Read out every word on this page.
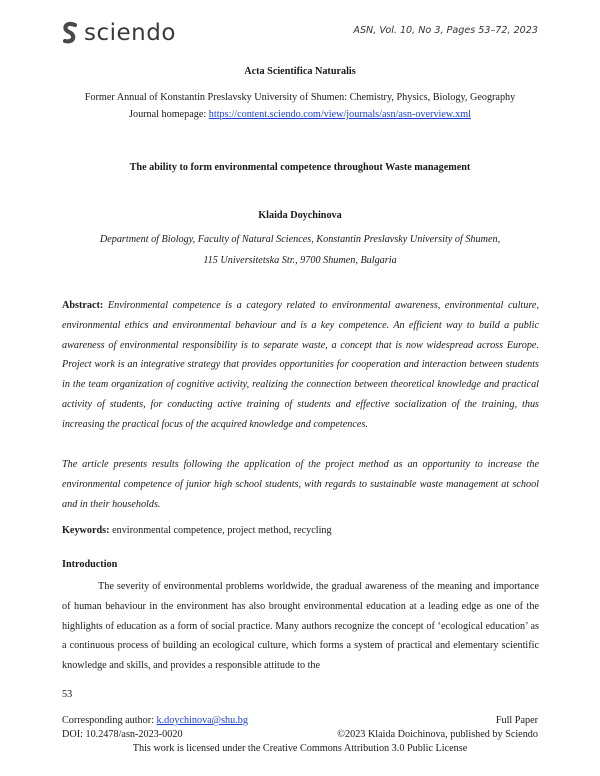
sciendo	ASN, Vol. 10, No 3, Pages 53–72, 2023
Acta Scientifica Naturalis
Former Annual of Konstantin Preslavsky University of Shumen: Chemistry, Physics, Biology, Geography
Journal homepage: https://content.sciendo.com/view/journals/asn/asn-overview.xml
The ability to form environmental competence throughout Waste management
Klaida Doychinova
Department of Biology, Faculty of Natural Sciences, Konstantin Preslavsky University of Shumen,
115 Universitetska Str., 9700 Shumen, Bulgaria
Abstract: Environmental competence is a category related to environmental awareness, environmental culture, environmental ethics and environmental behaviour and is a key competence. An efficient way to build a public awareness of environmental responsibility is to separate waste, a concept that is now widespread across Europe. Project work is an integrative strategy that provides opportunities for cooperation and interaction between students in the team organization of cognitive activity, realizing the connection between theoretical knowledge and practical activity of students, for conducting active training of students and effective socialization of the training, thus increasing the practical focus of the acquired knowledge and competences.
The article presents results following the application of the project method as an opportunity to increase the environmental competence of junior high school students, with regards to sustainable waste management at school and in their households.
Keywords: environmental competence, project method, recycling
Introduction
The severity of environmental problems worldwide, the gradual awareness of the meaning and importance of human behaviour in the environment has also brought environmental education at a leading edge as one of the highlights of education as a form of social practice. Many authors recognize the concept of ‘ecological education’ as a continuous process of building an ecological culture, which forms a system of practical and elementary scientific knowledge and skills, and provides a responsible attitude to the
53
Corresponding author: k.doychinova@shu.bg	Full Paper
DOI: 10.2478/asn-2023-0020	©2023 Klaida Doichinova, published by Sciendo
This work is licensed under the Creative Commons Attribution 3.0 Public License
